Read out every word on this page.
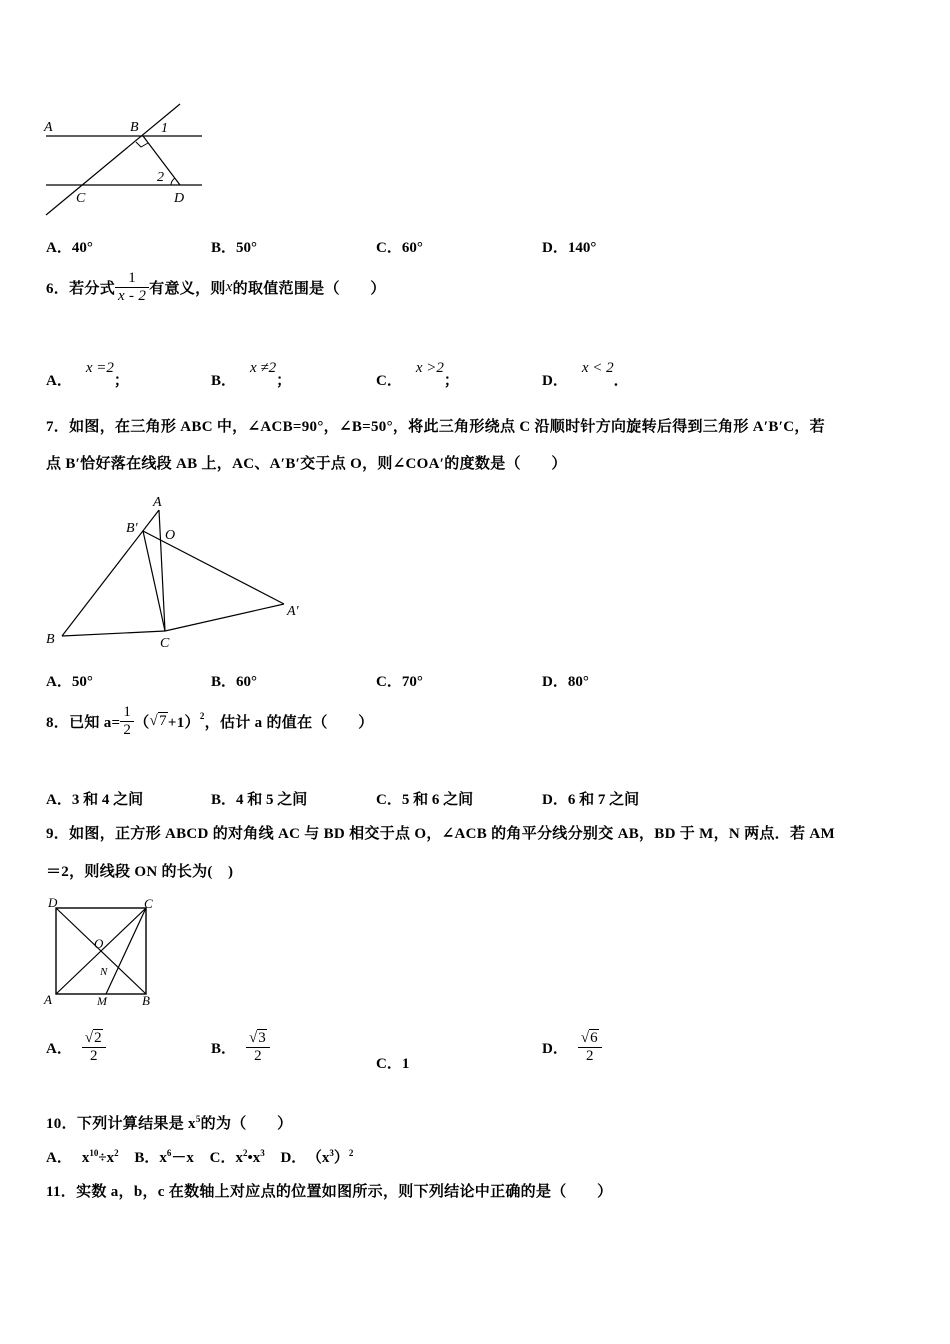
A	B 1
2
C	D
A．40°	B．50°	C．60°	D．140°
6．若分式 $\frac{1}{x - 2}$ 有意义，则x的取值范围是（　　）
A．x =2；	B．x ≠2；	C．x >2；	D．x < 2．
7．如图，在三角形 ABC 中，∠ACB=90°，∠B=50°，将此三角形绕点 C 沿顺时针方向旋转后得到三角形 A′B′C，若
点 B′恰好落在线段 AB 上，AC、A′B′交于点 O，则∠COA′的度数是（　　）
A
B′ O
A′
B	C
A．50°	B．60°	C．70°	D．80°
8．已知 $a= \frac{1}{2} (√7+1)^2$，估计 a 的值在（　　）
A．3 和 4 之间	B．4 和 5 之间	C．5 和 6 之间	D．6 和 7 之间
9．如图，正方形 ABCD 的对角线 AC 与 BD 相交于点 O，∠ACB 的角平分线分别交 AB，BD 于 M，N 两点．若 AM
＝2，则线段 ON 的长为(　)
D	C
O
N
A	M	B
A． $\frac{√2}{2}$	B． $\frac{√3}{2}$	C．1
D． $\frac{√6}{2}$
10．下列计算结果是 $x^5$的为（　　）
A． $x^{10}\div x^2$ B．$x^6-x$ C．$x^2•x^3$ D． $(x^3)^2$
11．实数 a，b，c 在数轴上对应点的位置如图所示，则下列结论中正确的是（　　）
